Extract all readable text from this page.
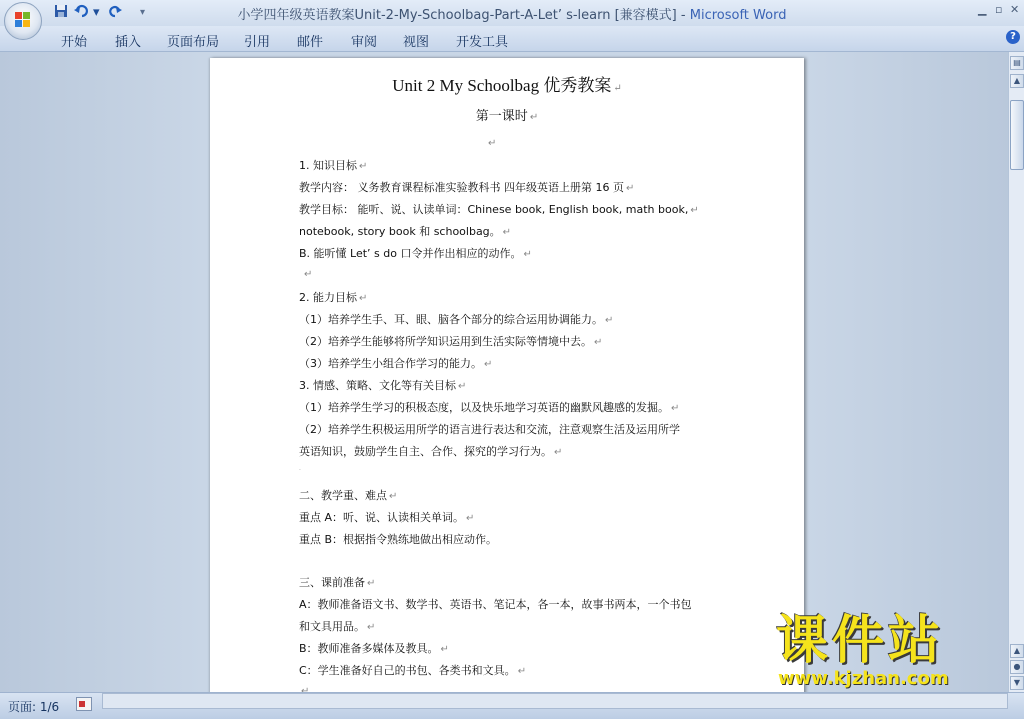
▾	▾	小学四年级英语教案Unit-2-My-Schoolbag-Part-A-Let’ s-learn [兼容模式] - Microsoft Word	▁ ▫ ✕
开始 插入 页面布局 引用 邮件 审阅 视图 开发工具	?
Unit 2 My Schoolbag 优秀教案 ↵
第一课时 ↵
↵
1. 知识目标 ↵
教学内容： 义务教育课程标准实验教科书 四年级英语上册第 16 页 ↵
教学目标： 能听、说、认读单词：Chinese book, English book, math book, ↵
notebook, story book 和 schoolbag。 ↵
B. 能听懂 Let’ s do 口令并作出相应的动作。 ↵
↵
2. 能力目标 ↵
（1）培养学生手、耳、眼、脑各个部分的综合运用协调能力。 ↵
（2）培养学生能够将所学知识运用到生活实际等情境中去。 ↵
（3）培养学生小组合作学习的能力。 ↵
3. 情感、策略、文化等有关目标 ↵
（1）培养学生学习的积极态度，以及快乐地学习英语的幽默风趣感的发掘。 ↵
（2）培养学生积极运用所学的语言进行表达和交流，注意观察生活及运用所学
英语知识，鼓励学生自主、合作、探究的学习行为。 ↵
.
二、教学重、难点 ↵
重点 A：听、说、认读相关单词。 ↵
重点 B：根据指令熟练地做出相应动作。
三、课前准备 ↵
A：教师准备语文书、数学书、英语书、笔记本，各一本，故事书两本，一个书包
和文具用品。 ↵
B：教师准备多媒体及教具。 ↵
C：学生准备好自己的书包、各类书和文具。 ↵
↵
▤
▲
▲
●
▼
页面: 1/6
课件站
www.kjzhan.com
